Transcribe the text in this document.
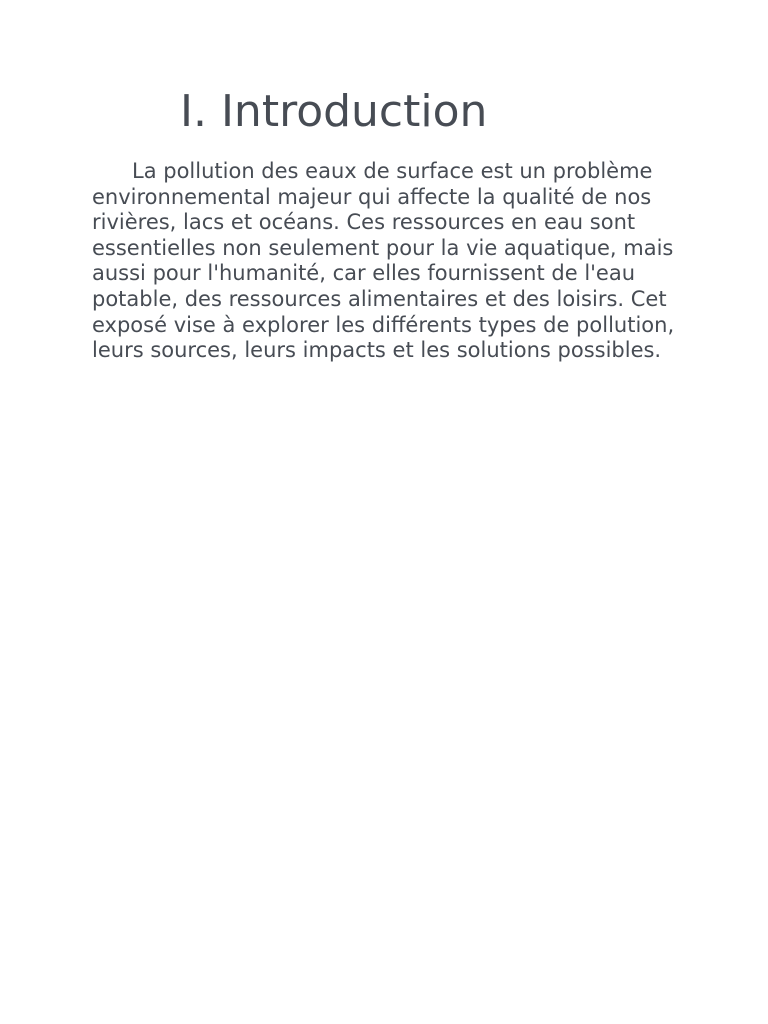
I. Introduction

La pollution des eaux de surface est un problème environnemental majeur qui affecte la qualité de nos rivières, lacs et océans. Ces ressources en eau sont essentielles non seulement pour la vie aquatique, mais aussi pour l'humanité, car elles fournissent de l'eau potable, des ressources alimentaires et des loisirs. Cet exposé vise à explorer les différents types de pollution, leurs sources, leurs impacts et les solutions possibles.
